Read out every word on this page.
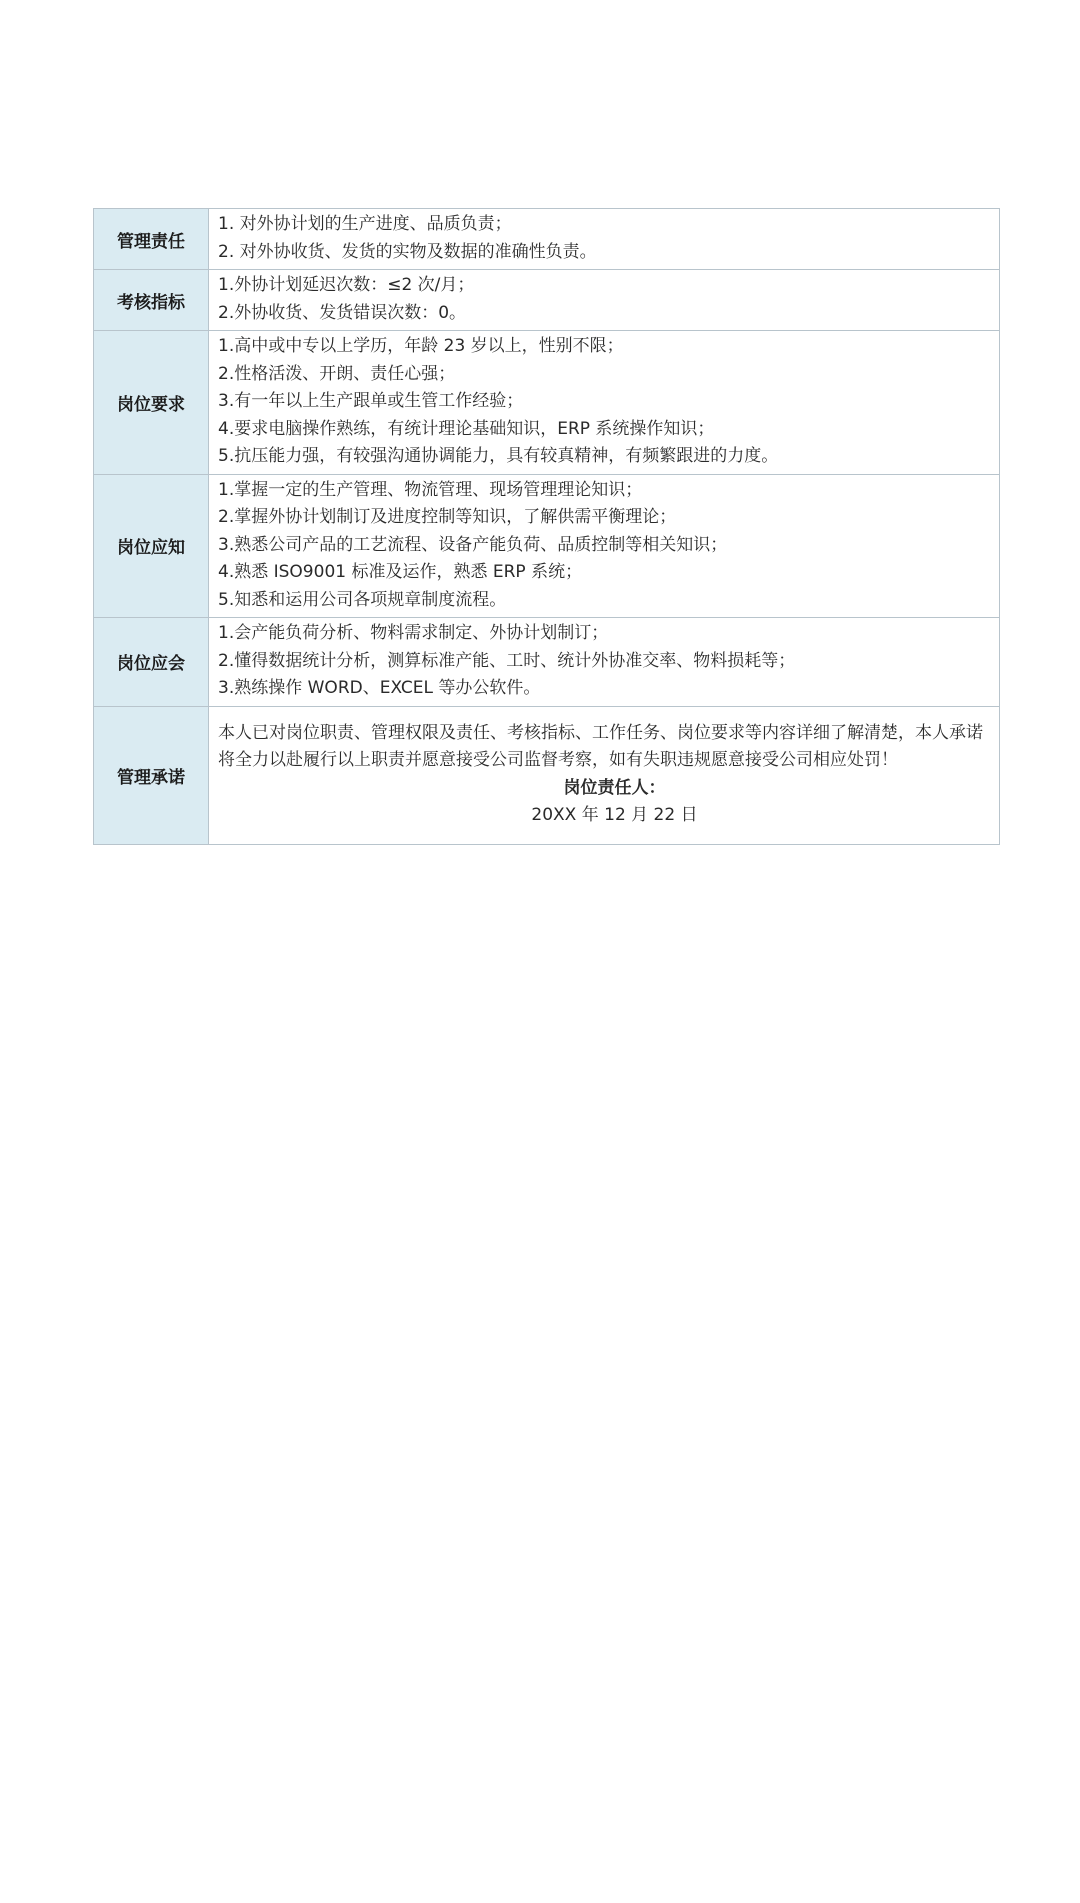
管理责任	1. 对外协计划的生产进度、品质负责；
2. 对外协收货、发货的实物及数据的准确性负责。

考核指标	1.外协计划延迟次数：≤2 次/月；
2.外协收货、发货错误次数：0。

岗位要求	1.高中或中专以上学历，年龄 23 岁以上，性别不限；
2.性格活泼、开朗、责任心强；
3.有一年以上生产跟单或生管工作经验；
4.要求电脑操作熟练，有统计理论基础知识，ERP 系统操作知识；
5.抗压能力强，有较强沟通协调能力，具有较真精神，有频繁跟进的力度。

岗位应知	1.掌握一定的生产管理、物流管理、现场管理理论知识；
2.掌握外协计划制订及进度控制等知识，了解供需平衡理论；
3.熟悉公司产品的工艺流程、设备产能负荷、品质控制等相关知识；
4.熟悉 ISO9001 标准及运作，熟悉 ERP 系统；
5.知悉和运用公司各项规章制度流程。

岗位应会	1.会产能负荷分析、物料需求制定、外协计划制订；
2.懂得数据统计分析，测算标准产能、工时、统计外协准交率、物料损耗等；
3.熟练操作 WORD、EXCEL 等办公软件。

管理承诺	本人已对岗位职责、管理权限及责任、考核指标、工作任务、岗位要求等内容详细了解清楚，本人承诺将全力以赴履行以上职责并愿意接受公司监督考察，如有失职违规愿意接受公司相应处罚！
岗位责任人：
20XX 年 12 月 22 日
